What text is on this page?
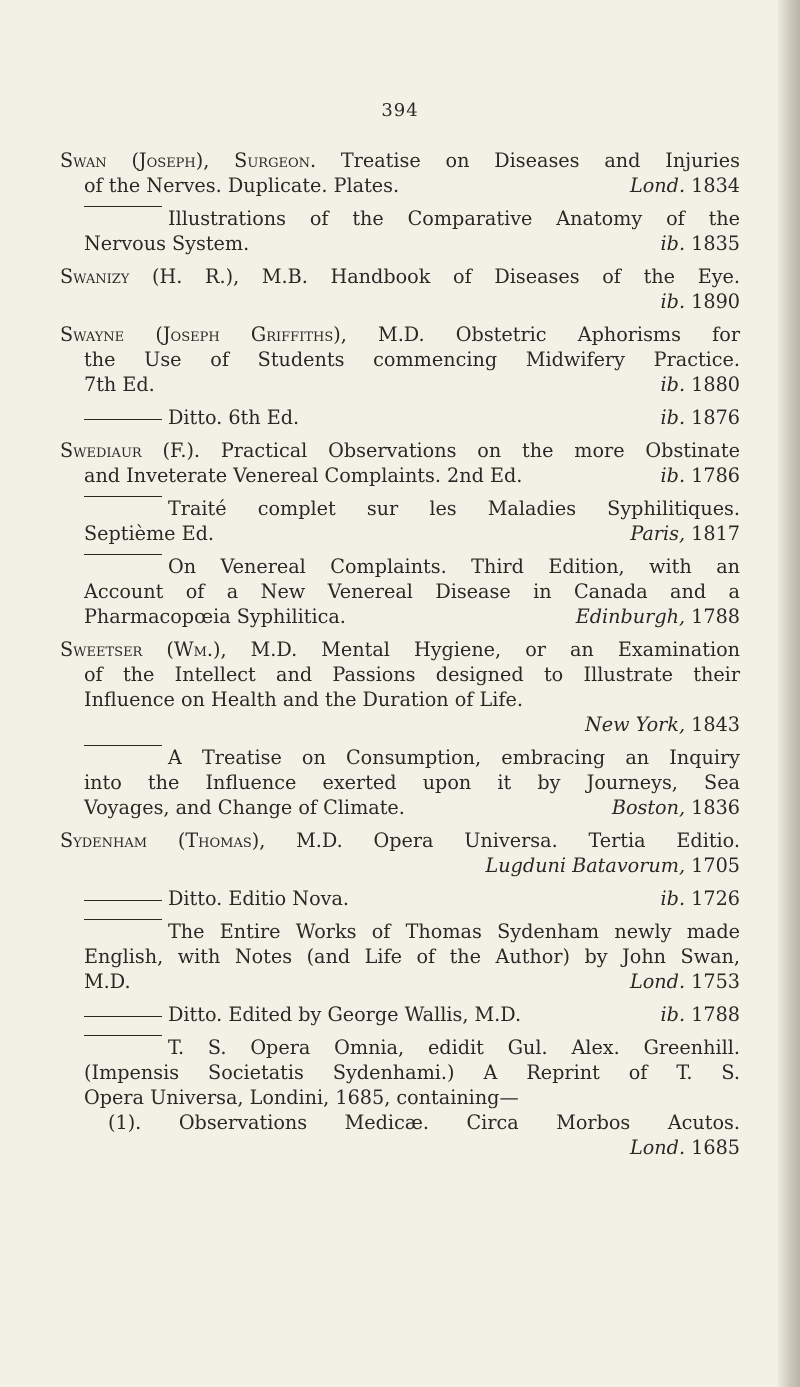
394

Swan (Joseph), Surgeon. Treatise on Diseases and Injuries

of the Nerves. Duplicate. Plates.	Lond. 1834

Illustrations of the Comparative Anatomy of the

Nervous System.	ib. 1835

Swanizy (H. R.), M.B. Handbook of Diseases of the Eye.

ib. 1890

Swayne (Joseph Griffiths), M.D. Obstetric Aphorisms for

the Use of Students commencing Midwifery Practice.

7th Ed.	ib. 1880

Ditto. 6th Ed.	ib. 1876

Swediaur (F.). Practical Observations on the more Obstinate

and Inveterate Venereal Complaints. 2nd Ed.	ib. 1786

Traité complet sur les Maladies Syphilitiques.

Septième Ed.	Paris, 1817

On Venereal Complaints. Third Edition, with an

Account of a New Venereal Disease in Canada and a

Pharmacopœia Syphilitica.	Edinburgh, 1788

Sweetser (Wm.), M.D. Mental Hygiene, or an Examination

of the Intellect and Passions designed to Illustrate their

Influence on Health and the Duration of Life.

New York, 1843

A Treatise on Consumption, embracing an Inquiry

into the Influence exerted upon it by Journeys, Sea

Voyages, and Change of Climate.	Boston, 1836

Sydenham (Thomas), M.D. Opera Universa. Tertia Editio.

Lugduni Batavorum, 1705

Ditto. Editio Nova.	ib. 1726

The Entire Works of Thomas Sydenham newly made

English, with Notes (and Life of the Author) by John Swan,

M.D.	Lond. 1753

Ditto. Edited by George Wallis, M.D.	ib. 1788

T. S. Opera Omnia, edidit Gul. Alex. Greenhill.

(Impensis Societatis Sydenhami.) A Reprint of T. S.

Opera Universa, Londini, 1685, containing—

(1). Observations Medicæ. Circa Morbos Acutos.

Lond. 1685
